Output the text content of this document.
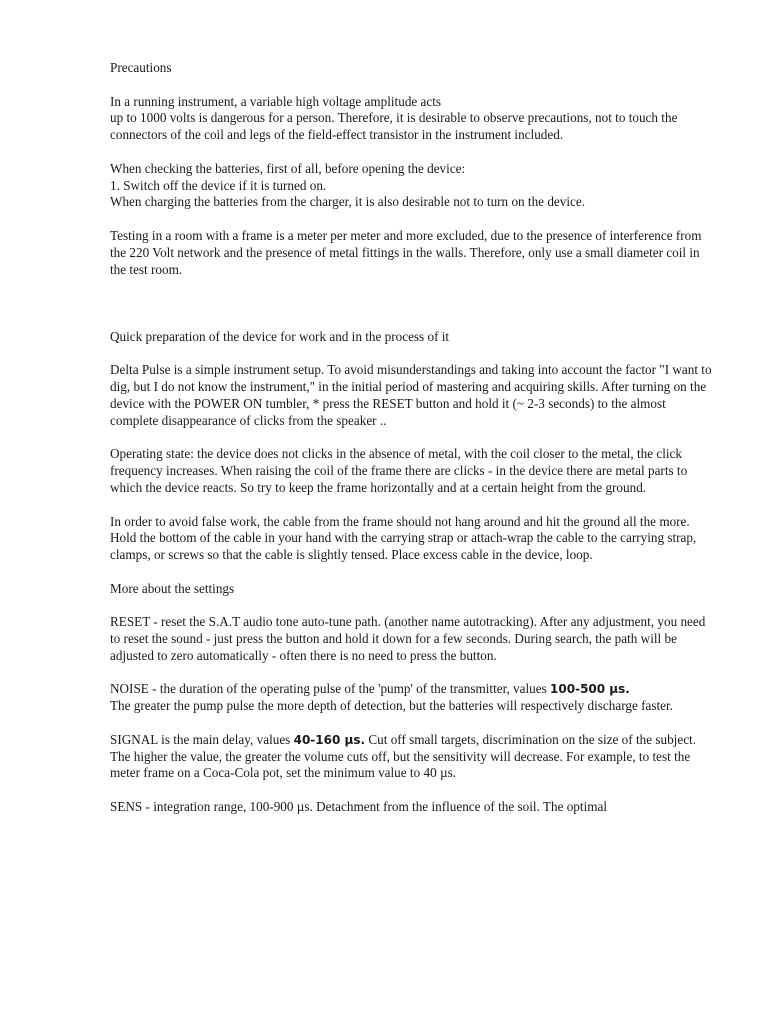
Precautions

In a running instrument, a variable high voltage amplitude acts
up to 1000 volts is dangerous for a person. Therefore, it is desirable to observe precautions, not to touch the connectors of the coil and legs of the field-effect transistor in the instrument included.

When checking the batteries, first of all, before opening the device:
1. Switch off the device if it is turned on.
When charging the batteries from the charger, it is also desirable not to turn on the device.

Testing in a room with a frame is a meter per meter and more excluded, due to the presence of interference from the 220 Volt network and the presence of metal fittings in the walls. Therefore, only use a small diameter coil in the test room.

Quick preparation of the device for work and in the process of it

Delta Pulse is a simple instrument setup. To avoid misunderstandings and taking into account the factor "I want to dig, but I do not know the instrument," in the initial period of mastering and acquiring skills. After turning on the device with the POWER ON tumbler, * press the RESET button and hold it (~ 2-3 seconds) to the almost complete disappearance of clicks from the speaker ..

Operating state: the device does not clicks in the absence of metal, with the coil closer to the metal, the click frequency increases. When raising the coil of the frame there are clicks - in the device there are metal parts to which the device reacts. So try to keep the frame horizontally and at a certain height from the ground.

In order to avoid false work, the cable from the frame should not hang around and hit the ground all the more. Hold the bottom of the cable in your hand with the carrying strap or attach-wrap the cable to the carrying strap, clamps, or screws so that the cable is slightly tensed. Place excess cable in the device, loop.

More about the settings

RESET - reset the S.A.T audio tone auto-tune path. (another name autotracking). After any adjustment, you need to reset the sound - just press the button and hold it down for a few seconds. During search, the path will be adjusted to zero automatically - often there is no need to press the button.

NOISE - the duration of the operating pulse of the 'pump' of the transmitter, values 100-500 µs.
The greater the pump pulse the more depth of detection, but the batteries will respectively discharge faster.

SIGNAL is the main delay, values 40-160 µs. Cut off small targets, discrimination on the size of the subject. The higher the value, the greater the volume cuts off, but the sensitivity will decrease. For example, to test the meter frame on a Coca-Cola pot, set the minimum value to 40 µs.

SENS - integration range, 100-900 µs. Detachment from the influence of the soil. The optimal
